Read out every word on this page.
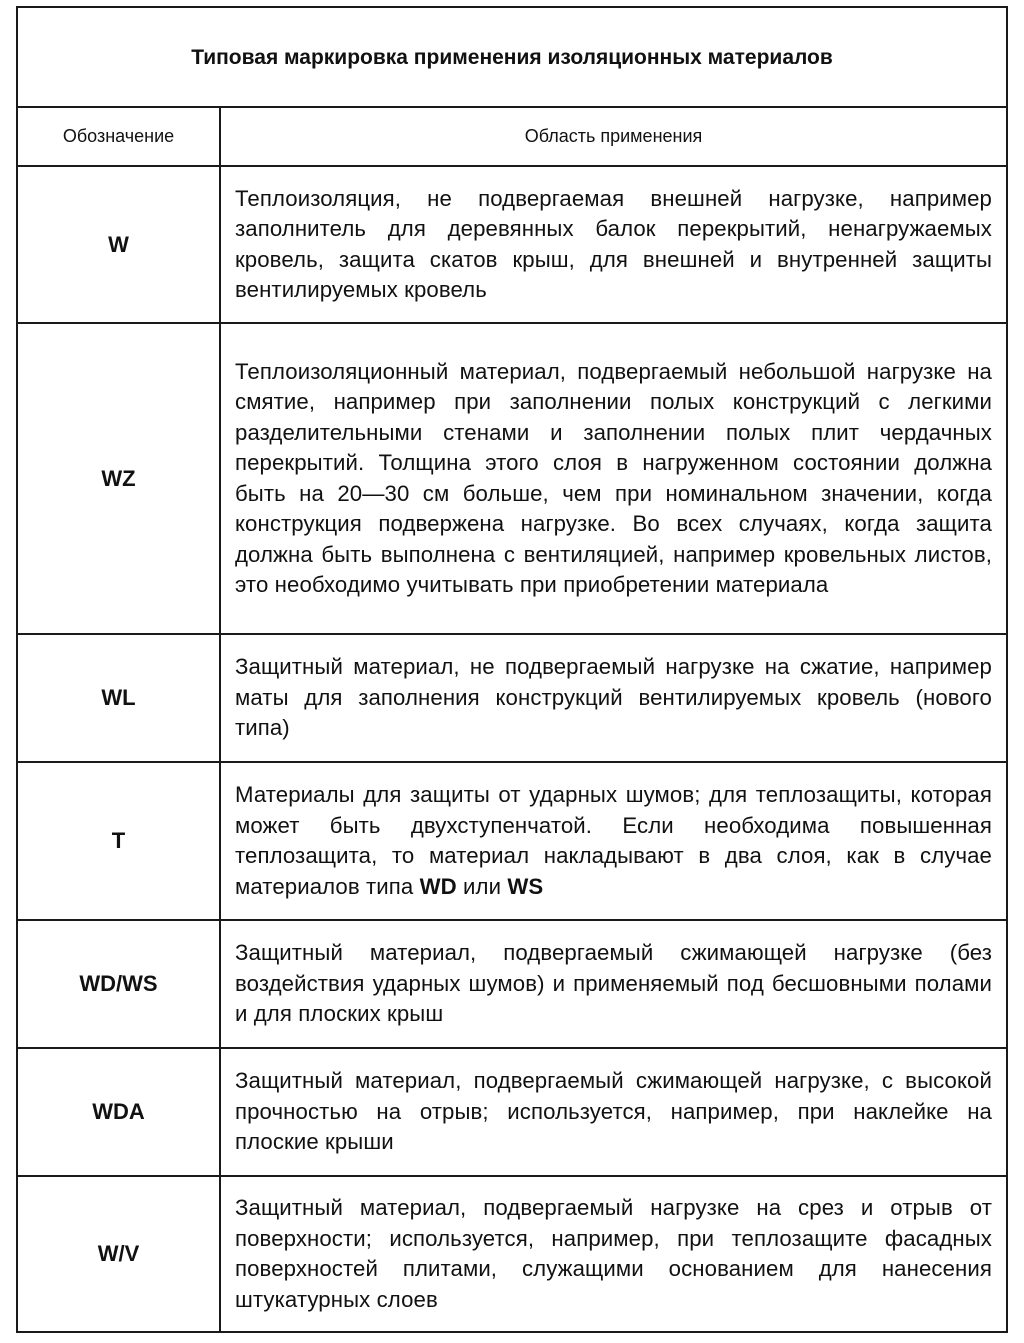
Типовая маркировка применения изоляционных материалов	
Обозначение	Область применения
W	Теплоизоляция, не подвергаемая внешней нагрузке, например заполнитель для деревянных балок перекрытий, ненагружаемых кровель, защита скатов крыш, для внешней и внутренней защиты вентилируемых кровель

WZ	Теплоизоляционный материал, подвергаемый небольшой нагрузке на смятие, например при заполнении полых конструкций с легкими разделительными стенами и заполнении полых плит чердачных перекрытий. Толщина этого слоя в нагруженном состоянии должна быть на 20—30 см больше, чем при номинальном значении, когда конструкция подвержена нагрузке. Во всех случаях, когда защита должна быть выполнена с вентиляцией, например кровельных листов, это необходимо учитывать при приобретении материала

WL	Защитный материал, не подвергаемый нагрузке на сжатие, например маты для заполнения конструкций вентилируемых кровель (нового типа)

T	Материалы для защиты от ударных шумов; для теплозащиты, которая может быть двухступенчатой. Если необходима повышенная теплозащита, то материал накладывают в два слоя, как в случае материалов типа WD или WS

WD/WS	Защитный материал, подвергаемый сжимающей нагрузке (без воздействия ударных шумов) и применяемый под бесшовными полами и для плоских крыш

WDA	Защитный материал, подвергаемый сжимающей нагрузке, с высокой прочностью на отрыв; используется, например, при наклейке на плоские крыши

W/V	Защитный материал, подвергаемый нагрузке на срез и отрыв от поверхности; используется, например, при теплозащите фасадных поверхностей плитами, служащими основанием для нанесения штукатурных слоев
